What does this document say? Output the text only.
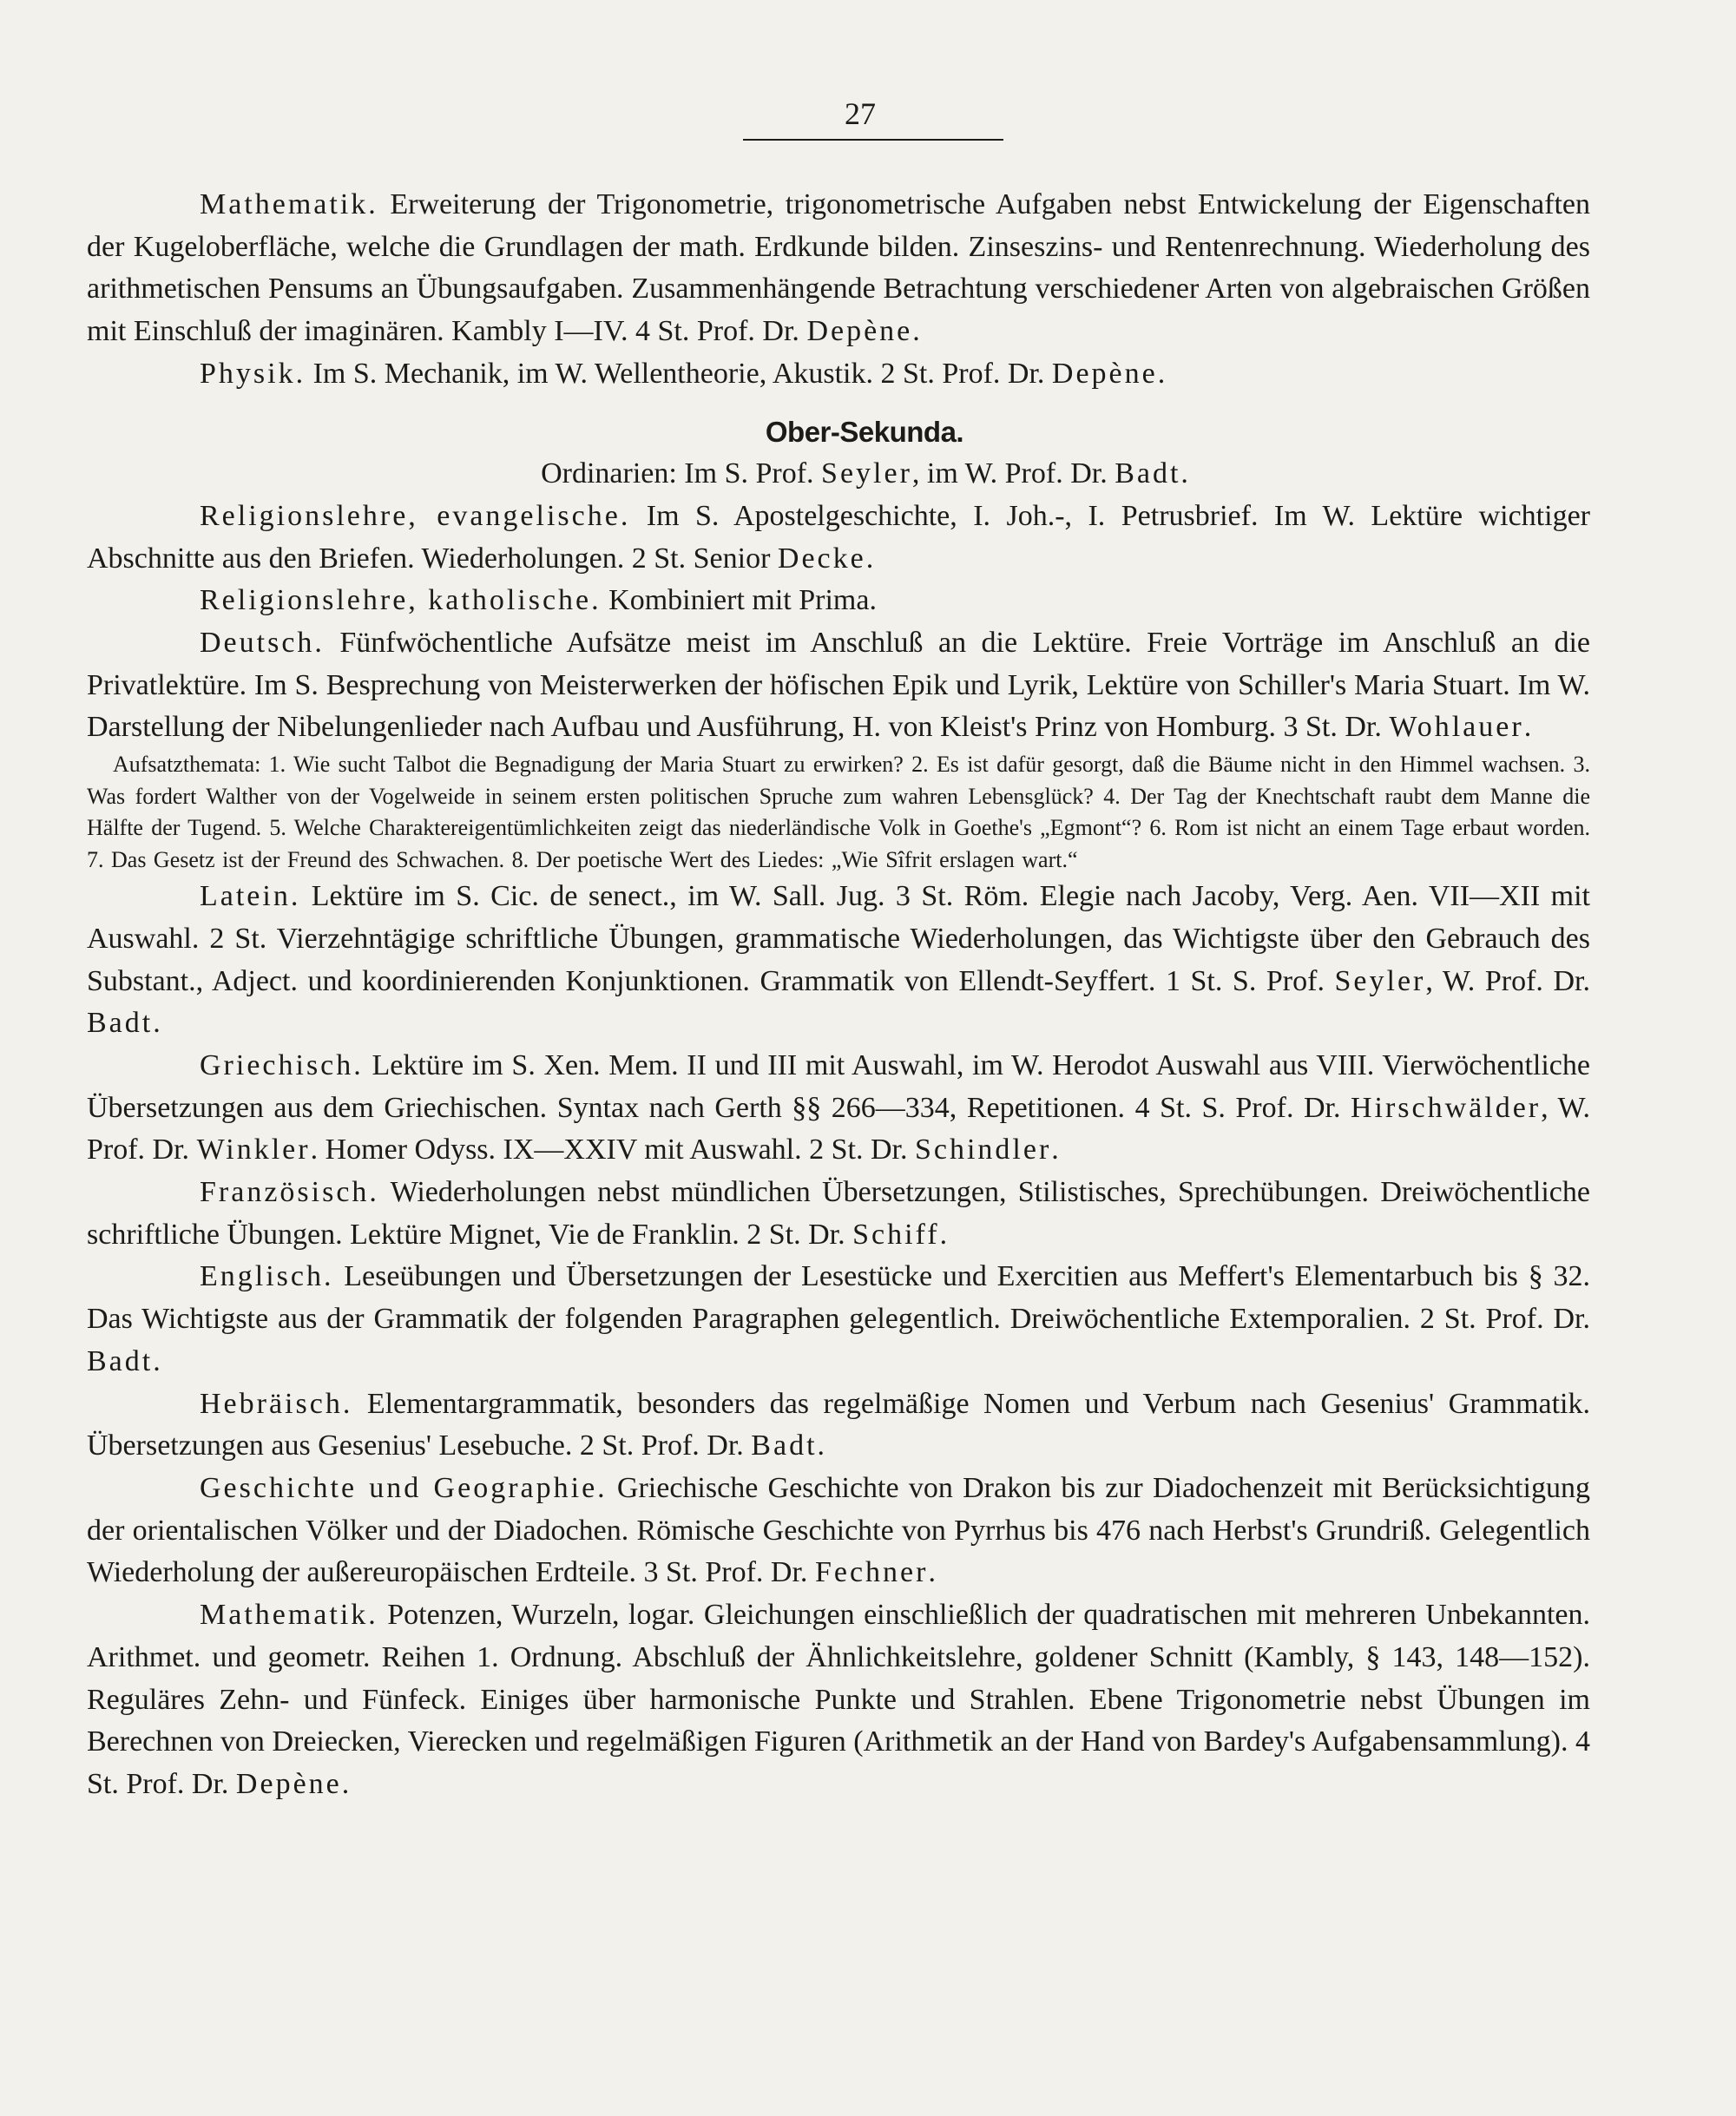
27

Mathematik. Erweiterung der Trigonometrie, trigonometrische Aufgaben nebst Entwickelung der Eigenschaften der Kugeloberfläche, welche die Grundlagen der math. Erdkunde bilden. Zinseszins- und Rentenrechnung. Wiederholung des arithmetischen Pensums an Übungsaufgaben. Zusammenhängende Betrachtung verschiedener Arten von algebraischen Größen mit Einschluß der imaginären. Kambly I—IV. 4 St. Prof. Dr. Depène.

Physik. Im S. Mechanik, im W. Wellentheorie, Akustik. 2 St. Prof. Dr. Depène.

Ober-Sekunda.
Ordinarien: Im S. Prof. Seyler, im W. Prof. Dr. Badt.

Religionslehre, evangelische. Im S. Apostelgeschichte, I. Joh.-, I. Petrusbrief. Im W. Lektüre wichtiger Abschnitte aus den Briefen. Wiederholungen. 2 St. Senior Decke.

Religionslehre, katholische. Kombiniert mit Prima.

Deutsch. Fünfwöchentliche Aufsätze meist im Anschluß an die Lektüre. Freie Vorträge im Anschluß an die Privatlektüre. Im S. Besprechung von Meisterwerken der höfischen Epik und Lyrik, Lektüre von Schiller's Maria Stuart. Im W. Darstellung der Nibelungenlieder nach Aufbau und Ausführung, H. von Kleist's Prinz von Homburg. 3 St. Dr. Wohlauer.

Aufsatzthemata: 1. Wie sucht Talbot die Begnadigung der Maria Stuart zu erwirken? 2. Es ist dafür gesorgt, daß die Bäume nicht in den Himmel wachsen. 3. Was fordert Walther von der Vogelweide in seinem ersten politischen Spruche zum wahren Lebensglück? 4. Der Tag der Knechtschaft raubt dem Manne die Hälfte der Tugend. 5. Welche Charaktereigentümlichkeiten zeigt das niederländische Volk in Goethe's „Egmont“? 6. Rom ist nicht an einem Tage erbaut worden. 7. Das Gesetz ist der Freund des Schwachen. 8. Der poetische Wert des Liedes: „Wie Sîfrit erslagen wart.“

Latein. Lektüre im S. Cic. de senect., im W. Sall. Jug. 3 St. Röm. Elegie nach Jacoby, Verg. Aen. VII—XII mit Auswahl. 2 St. Vierzehntägige schriftliche Übungen, grammatische Wiederholungen, das Wichtigste über den Gebrauch des Substant., Adject. und koordinierenden Konjunktionen. Grammatik von Ellendt-Seyffert. 1 St. S. Prof. Seyler, W. Prof. Dr. Badt.

Griechisch. Lektüre im S. Xen. Mem. II und III mit Auswahl, im W. Herodot Auswahl aus VIII. Vierwöchentliche Übersetzungen aus dem Griechischen. Syntax nach Gerth §§ 266—334, Repetitionen. 4 St. S. Prof. Dr. Hirschwälder, W. Prof. Dr. Winkler. Homer Odyss. IX—XXIV mit Auswahl. 2 St. Dr. Schindler.

Französisch. Wiederholungen nebst mündlichen Übersetzungen, Stilistisches, Sprechübungen. Dreiwöchentliche schriftliche Übungen. Lektüre Mignet, Vie de Franklin. 2 St. Dr. Schiff.

Englisch. Leseübungen und Übersetzungen der Lesestücke und Exercitien aus Meffert's Elementarbuch bis § 32. Das Wichtigste aus der Grammatik der folgenden Paragraphen gelegentlich. Dreiwöchentliche Extemporalien. 2 St. Prof. Dr. Badt.

Hebräisch. Elementargrammatik, besonders das regelmäßige Nomen und Verbum nach Gesenius' Grammatik. Übersetzungen aus Gesenius' Lesebuche. 2 St. Prof. Dr. Badt.

Geschichte und Geographie. Griechische Geschichte von Drakon bis zur Diadochenzeit mit Berücksichtigung der orientalischen Völker und der Diadochen. Römische Geschichte von Pyrrhus bis 476 nach Herbst's Grundriß. Gelegentlich Wiederholung der außereuropäischen Erdteile. 3 St. Prof. Dr. Fechner.

Mathematik. Potenzen, Wurzeln, logar. Gleichungen einschließlich der quadratischen mit mehreren Unbekannten. Arithmet. und geometr. Reihen 1. Ordnung. Abschluß der Ähnlichkeitslehre, goldener Schnitt (Kambly, § 143, 148—152). Reguläres Zehn- und Fünfeck. Einiges über harmonische Punkte und Strahlen. Ebene Trigonometrie nebst Übungen im Berechnen von Dreiecken, Vierecken und regelmäßigen Figuren (Arithmetik an der Hand von Bardey's Aufgabensammlung). 4 St. Prof. Dr. Depène.
